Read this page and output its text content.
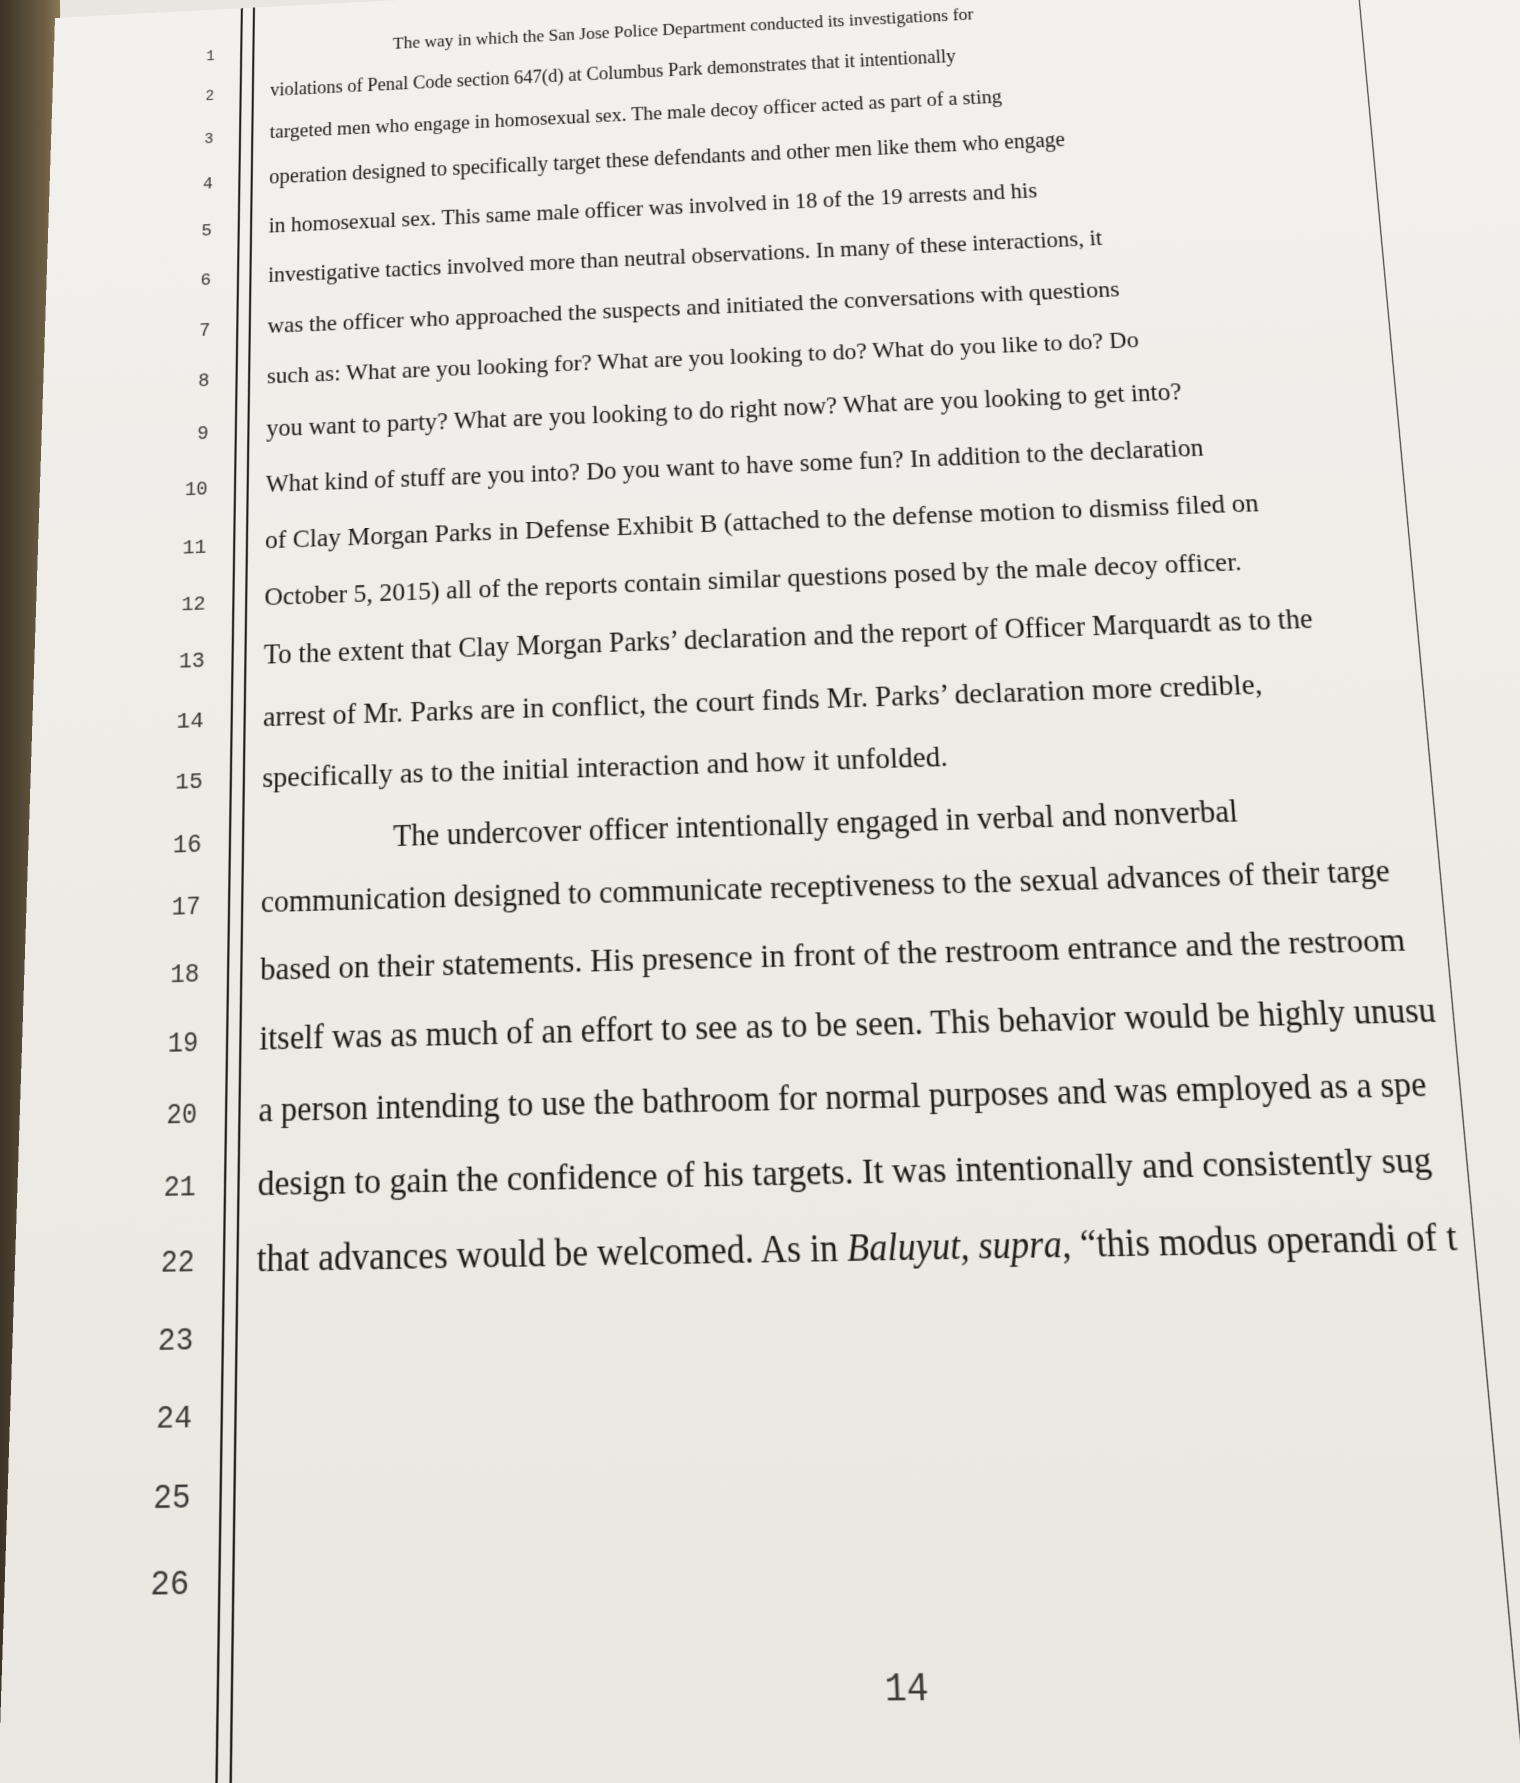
1
2
3
4
5
6
7
8
9
10
11
12
13
14
15
16
17
18
19
20
21
22
23
24
25
26
The way in which the San Jose Police Department conducted its investigations for
violations of Penal Code section 647(d) at Columbus Park demonstrates that it intentionally
targeted men who engage in homosexual sex. The male decoy officer acted as part of a sting
operation designed to specifically target these defendants and other men like them who engage
in homosexual sex. This same male officer was involved in 18 of the 19 arrests and his
investigative tactics involved more than neutral observations. In many of these interactions, it
was the officer who approached the suspects and initiated the conversations with questions
such as: What are you looking for? What are you looking to do? What do you like to do? Do
you want to party? What are you looking to do right now? What are you looking to get into?
What kind of stuff are you into? Do you want to have some fun? In addition to the declaration
of Clay Morgan Parks in Defense Exhibit B (attached to the defense motion to dismiss filed on
October 5, 2015) all of the reports contain similar questions posed by the male decoy officer.
To the extent that Clay Morgan Parks’ declaration and the report of Officer Marquardt as to the
arrest of Mr. Parks are in conflict, the court finds Mr. Parks’ declaration more credible,
specifically as to the initial interaction and how it unfolded.
The undercover officer intentionally engaged in verbal and nonverbal
communication designed to communicate receptiveness to the sexual advances of their targe
based on their statements. His presence in front of the restroom entrance and the restroom
itself was as much of an effort to see as to be seen. This behavior would be highly unusu
a person intending to use the bathroom for normal purposes and was employed as a spe
design to gain the confidence of his targets. It was intentionally and consistently sug
that advances would be welcomed. As in Baluyut, supra, “this modus operandi of t
14
